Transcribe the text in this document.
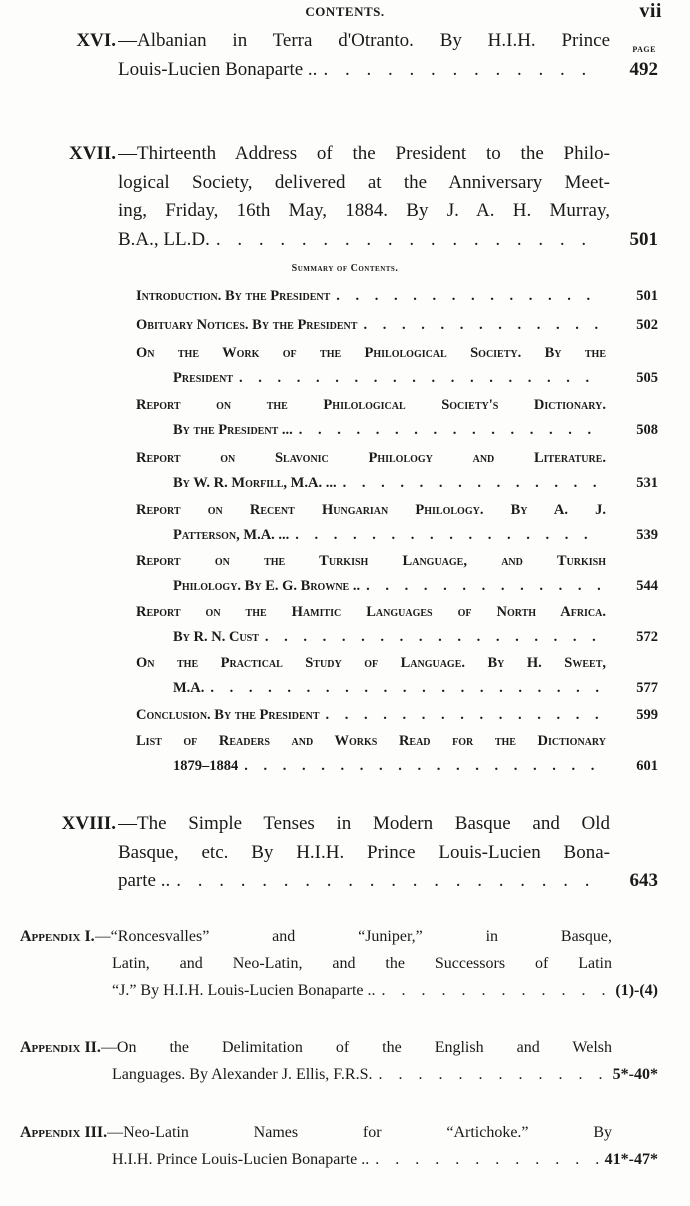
CONTENTS.	vii
PAGE
Summary of Contents.
XVI. —Albanian in Terra d'Otranto. By H.I.H. Prince
492
Louis-Lucien Bonaparte ..
. . .
XVII. —Thirteenth Address of the President to the Philo-
logical Society, delivered at the Anniversary Meet-
ing, Friday, 16th May, 1884. By J. A. H. Murray,
501
B.A., LL.D.
. . .
501
Introduction. By the President
. . .
502
Obituary Notices. By the President
. . .
On the Work of the Philological Society. By the
505
President
. . .
Report on the Philological Society's Dictionary.
508
By the President ...
. . .
Report on Slavonic Philology and Literature.
531
By W. R. Morfill, M.A. ...
. . .
Report on Recent Hungarian Philology. By A. J.
539
Patterson, M.A. ...
. . .
Report on the Turkish Language, and Turkish
544
Philology. By E. G. Browne ..
. . .
Report on the Hamitic Languages of North Africa.
572
By R. N. Cust
. . .
On the Practical Study of Language. By H. Sweet,
577
M.A.
. . .
599
Conclusion. By the President
. . .
List of Readers and Works Read for the Dictionary
601
1879–1884
. . .
XVIII. —The Simple Tenses in Modern Basque and Old
Basque, etc. By H.I.H. Prince Louis-Lucien Bona-
643
parte ..
. . .
Appendix I. —“Roncesvalles” and “Juniper,” in Basque,
Latin, and Neo-Latin, and the Successors of Latin
(1)-(4)
“J.” By H.I.H. Louis-Lucien Bonaparte ..
. . .
Appendix II. —On the Delimitation of the English and Welsh
5*-40*
Languages. By Alexander J. Ellis, F.R.S.
. . .
Appendix III. —Neo-Latin Names for “Artichoke.” By
41*-47*
H.I.H. Prince Louis-Lucien Bonaparte ..
. . .
